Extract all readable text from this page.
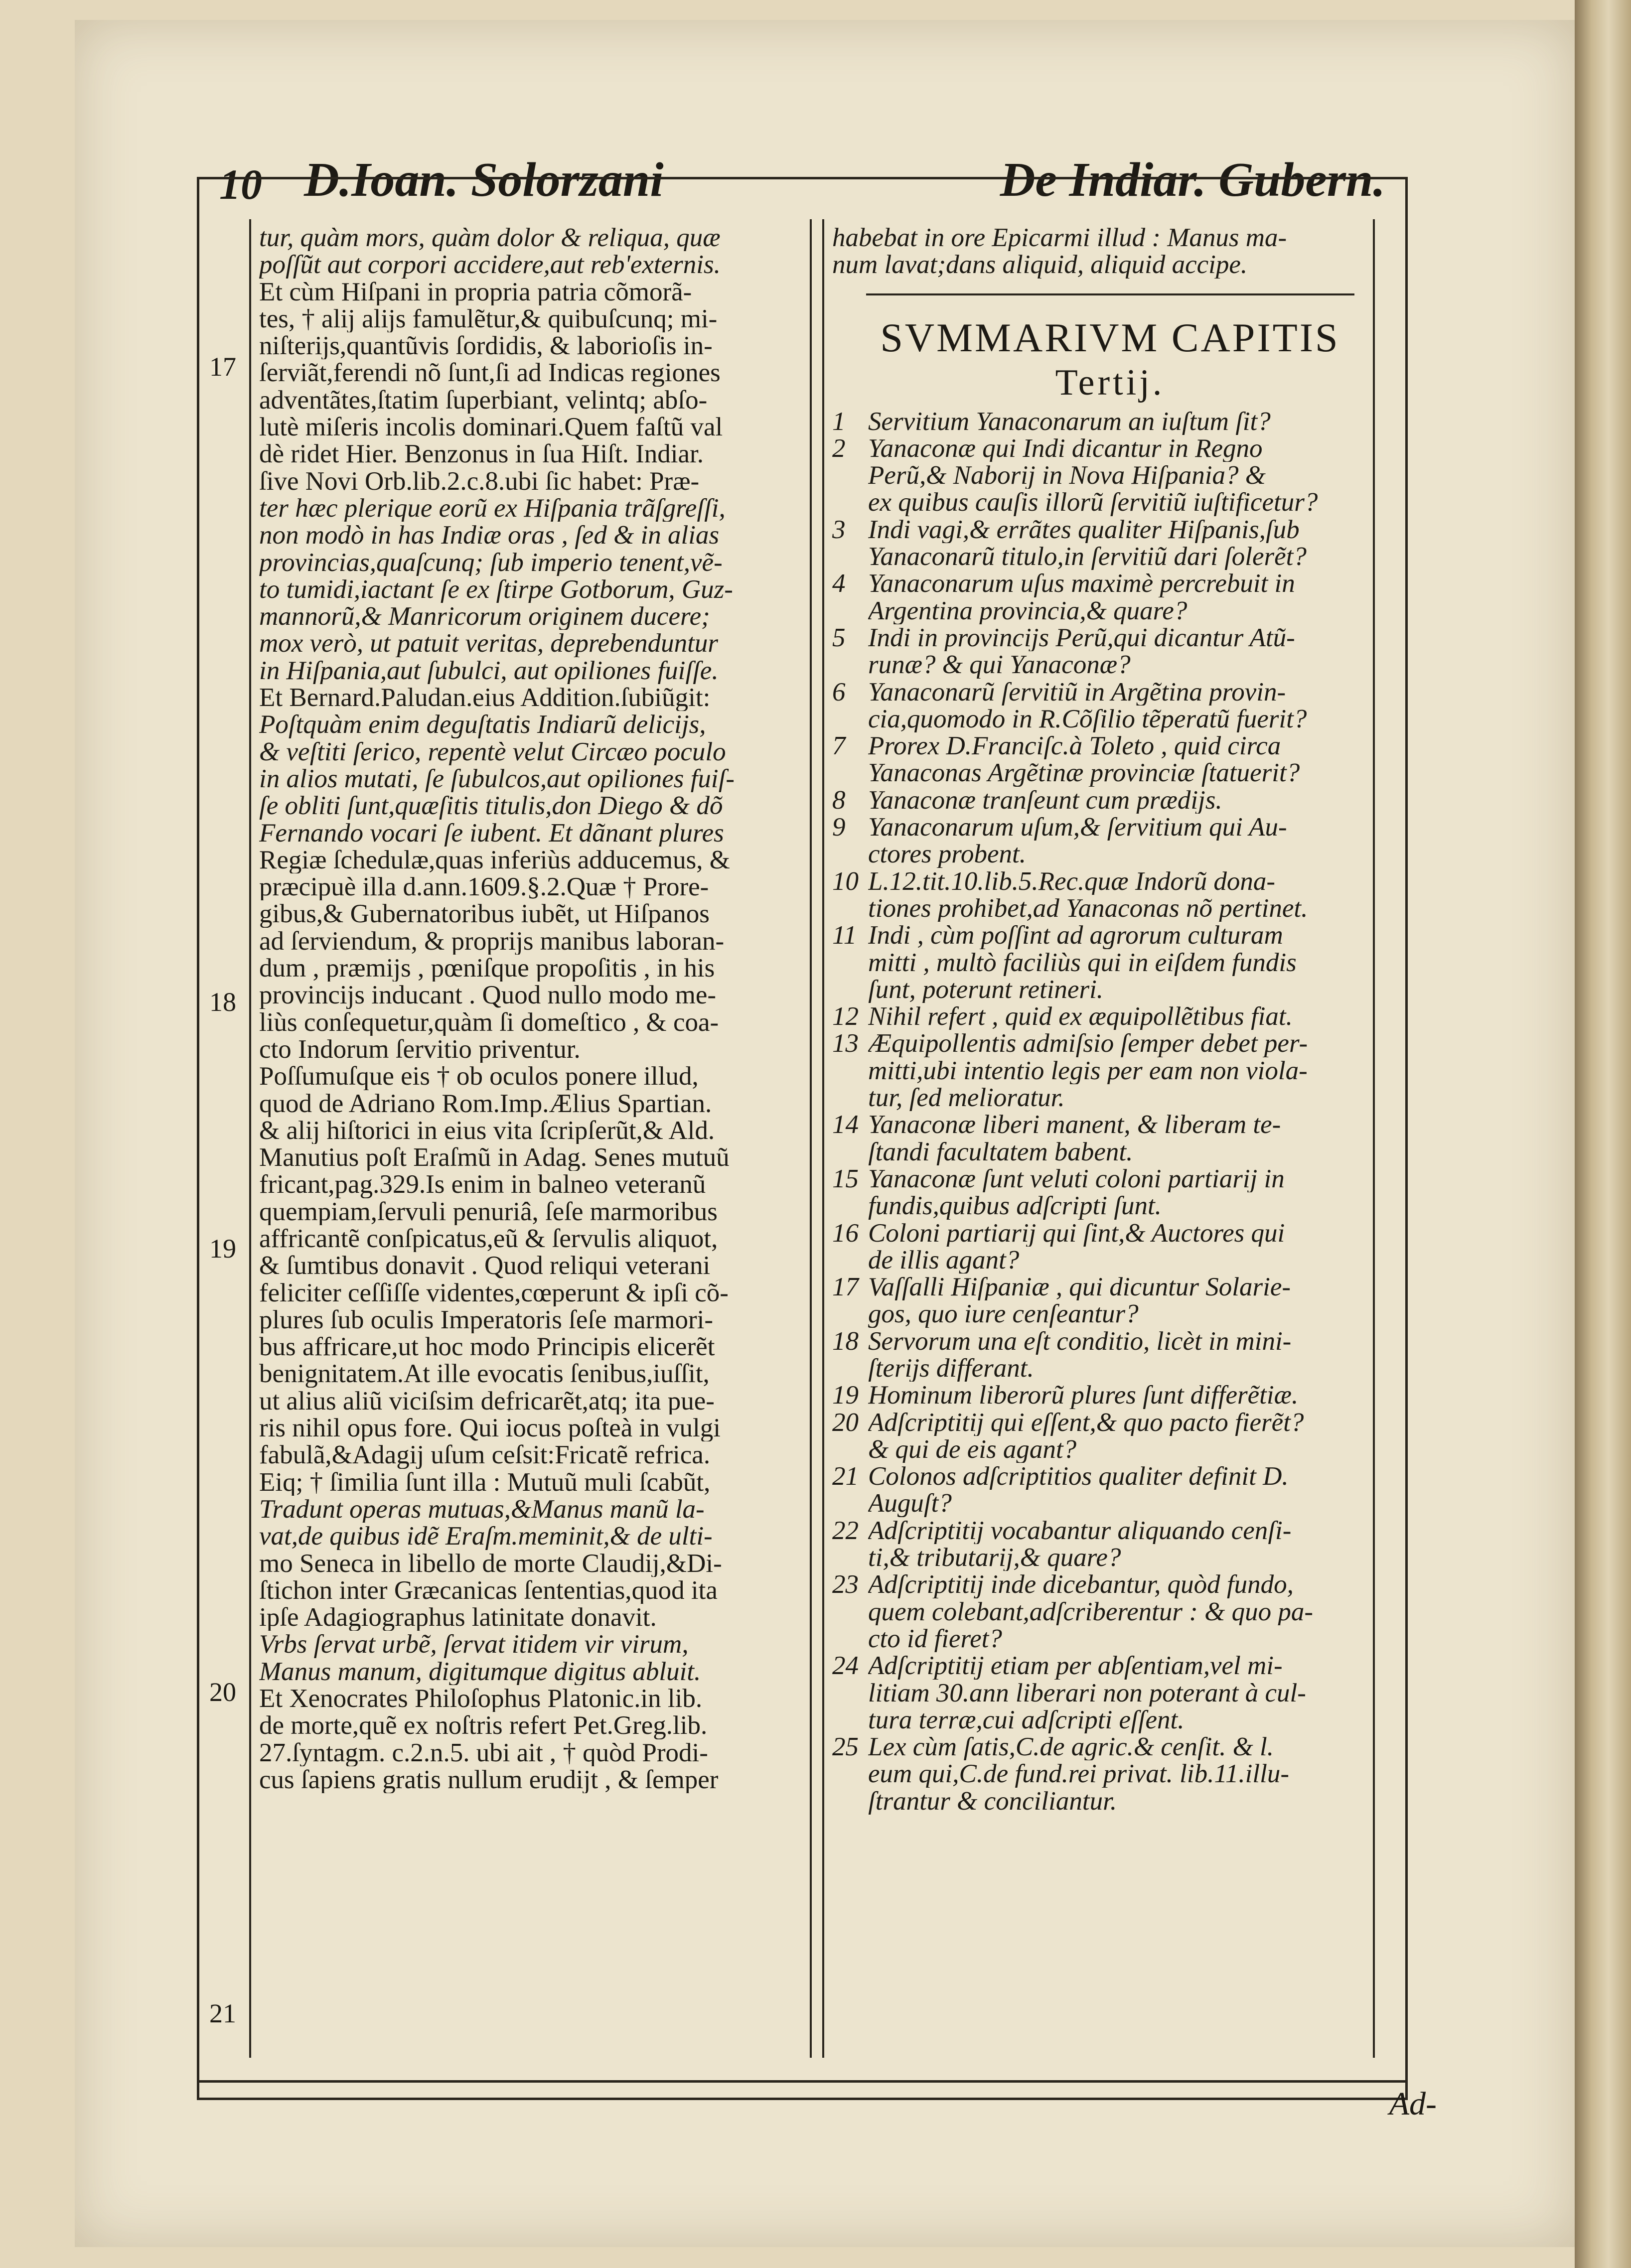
10 D.Ioan. Solorzani	De Indiar. Gubern.
17
18
19
20
21
tur, quàm mors, quàm dolor & reliqua, quæ
poſſũt aut corpori accidere,aut reb'externis.
Et cùm Hiſpani in propria patria cõmorã-
tes, † alij alijs famulẽtur,& quibuſcunq; mi-
niſterijs,quantũvis ſordidis, & laborioſis in-
ſerviãt,ferendi nõ ſunt,ſi ad Indicas regiones
adventãtes,ſtatim ſuperbiant, velintq; abſo-
lutè miſeris incolis dominari.Quem faſtũ val
dè ridet Hier. Benzonus in ſua Hiſt. Indiar.
ſive Novi Orb.lib.2.c.8.ubi ſic habet: Præ-
ter hæc plerique eorũ ex Hiſpania trãſgreſſi,
non modò in has Indiæ oras , ſed & in alias
provincias,quaſcunq; ſub imperio tenent,vẽ-
to tumidi,iactant ſe ex ſtirpe Gotborum, Guz-
mannorũ,& Manricorum originem ducere;
mox verò, ut patuit veritas, deprebenduntur
in Hiſpania,aut ſubulci, aut opiliones fuiſſe.
Et Bernard.Paludan.eius Addition.ſubiũgit:
Poſtquàm enim deguſtatis Indiarũ delicijs,
& veſtiti ſerico, repentè velut Circæo poculo
in alios mutati, ſe ſubulcos,aut opiliones fuiſ-
ſe obliti ſunt,quæſitis titulis,don Diego & dõ
Fernando vocari ſe iubent. Et dãnant plures
Regiæ ſchedulæ,quas inferiùs adducemus, &
præcipuè illa d.ann.1609.§.2.Quæ † Prore-
gibus,& Gubernatoribus iubẽt, ut Hiſpanos
ad ſerviendum, & proprijs manibus laboran-
dum , præmijs , pœniſque propoſitis , in his
provincijs inducant . Quod nullo modo me-
liùs conſequetur,quàm ſi domeſtico , & coa-
cto Indorum ſervitio priventur.
Poſſumuſque eis † ob oculos ponere illud,
quod de Adriano Rom.Imp.Ælius Spartian.
& alij hiſtorici in eius vita ſcripſerũt,& Ald.
Manutius poſt Eraſmũ in Adag. Senes mutuũ
fricant,pag.329.Is enim in balneo veteranũ
quempiam,ſervuli penuriâ, ſeſe marmoribus
affricantẽ conſpicatus,eũ & ſervulis aliquot,
& ſumtibus donavit . Quod reliqui veterani
feliciter ceſſiſſe videntes,cœperunt & ipſi cõ-
plures ſub oculis Imperatoris ſeſe marmori-
bus affricare,ut hoc modo Principis elicerẽt
benignitatem.At ille evocatis ſenibus,iuſſit,
ut alius aliũ viciſsim defricarẽt,atq; ita pue-
ris nihil opus fore. Qui iocus poſteà in vulgi
fabulã,&Adagij uſum ceſsit:Fricatẽ refrica.
Eiq; † ſimilia ſunt illa : Mutuũ muli ſcabũt,
Tradunt operas mutuas,&Manus manũ la-
vat,de quibus idẽ Eraſm.meminit,& de ulti-
mo Seneca in libello de morte Claudij,&Di-
ſtichon inter Græcanicas ſententias,quod ita
ipſe Adagiographus latinitate donavit.
Vrbs ſervat urbẽ, ſervat itidem vir virum,
Manus manum, digitumque digitus abluit.
Et Xenocrates Philoſophus Platonic.in lib.
de morte,quẽ ex noſtris refert Pet.Greg.lib.
27.ſyntagm. c.2.n.5. ubi ait , † quòd Prodi-
cus ſapiens gratis nullum erudijt , & ſemper
habebat in ore Epicarmi illud : Manus ma-
num lavat;dans aliquid, aliquid accipe.
SVMMARIVM CAPITIS
Tertij.
1 Servitium Yanaconarum an iuſtum ſit?
2 Yanaconæ qui Indi dicantur in Regno
Perũ,& Naborij in Nova Hiſpania? &
ex quibus cauſis illorũ ſervitiũ iuſtificetur?
3 Indi vagi,& errãtes qualiter Hiſpanis,ſub
Yanaconarũ titulo,in ſervitiũ dari ſolerẽt?
4 Yanaconarum uſus maximè percrebuit in
Argentina provincia,& quare?
5 Indi in provincijs Perũ,qui dicantur Atũ-
runæ? & qui Yanaconæ?
6 Yanaconarũ ſervitiũ in Argẽtina provin-
cia,quomodo in R.Cõſilio tẽperatũ fuerit?
7 Prorex D.Franciſc.à Toleto , quid circa
Yanaconas Argẽtinæ provinciæ ſtatuerit?
8 Yanaconæ tranſeunt cum prædijs.
9 Yanaconarum uſum,& ſervitium qui Au-
ctores probent.
10 L.12.tit.10.lib.5.Rec.quæ Indorũ dona-
tiones prohibet,ad Yanaconas nõ pertinet.
11 Indi , cùm poſſint ad agrorum culturam
mitti , multò faciliùs qui in eiſdem fundis
ſunt, poterunt retineri.
12 Nihil refert , quid ex æquipollẽtibus fiat.
13 Æquipollentis admiſsio ſemper debet per-
mitti,ubi intentio legis per eam non viola-
tur, ſed melioratur.
14 Yanaconæ liberi manent, & liberam te-
ſtandi facultatem babent.
15 Yanaconæ ſunt veluti coloni partiarij in
fundis,quibus adſcripti ſunt.
16 Coloni partiarij qui ſint,& Auctores qui
de illis agant?
17 Vaſſalli Hiſpaniæ , qui dicuntur Solarie-
gos, quo iure cenſeantur?
18 Servorum una eſt conditio, licèt in mini-
ſterijs differant.
19 Hominum liberorũ plures ſunt differẽtiæ.
20 Adſcriptitij qui eſſent,& quo pacto fierẽt?
& qui de eis agant?
21 Colonos adſcriptitios qualiter definit D.
Auguſt?
22 Adſcriptitij vocabantur aliquando cenſi-
ti,& tributarij,& quare?
23 Adſcriptitij inde dicebantur, quòd fundo,
quem colebant,adſcriberentur : & quo pa-
cto id fieret?
24 Adſcriptitij etiam per abſentiam,vel mi-
litiam 30.ann liberari non poterant à cul-
tura terræ,cui adſcripti eſſent.
25 Lex cùm ſatis,C.de agric.& cenſit. & l.
eum qui,C.de fund.rei privat. lib.11.illu-
ſtrantur & conciliantur.
Ad-
